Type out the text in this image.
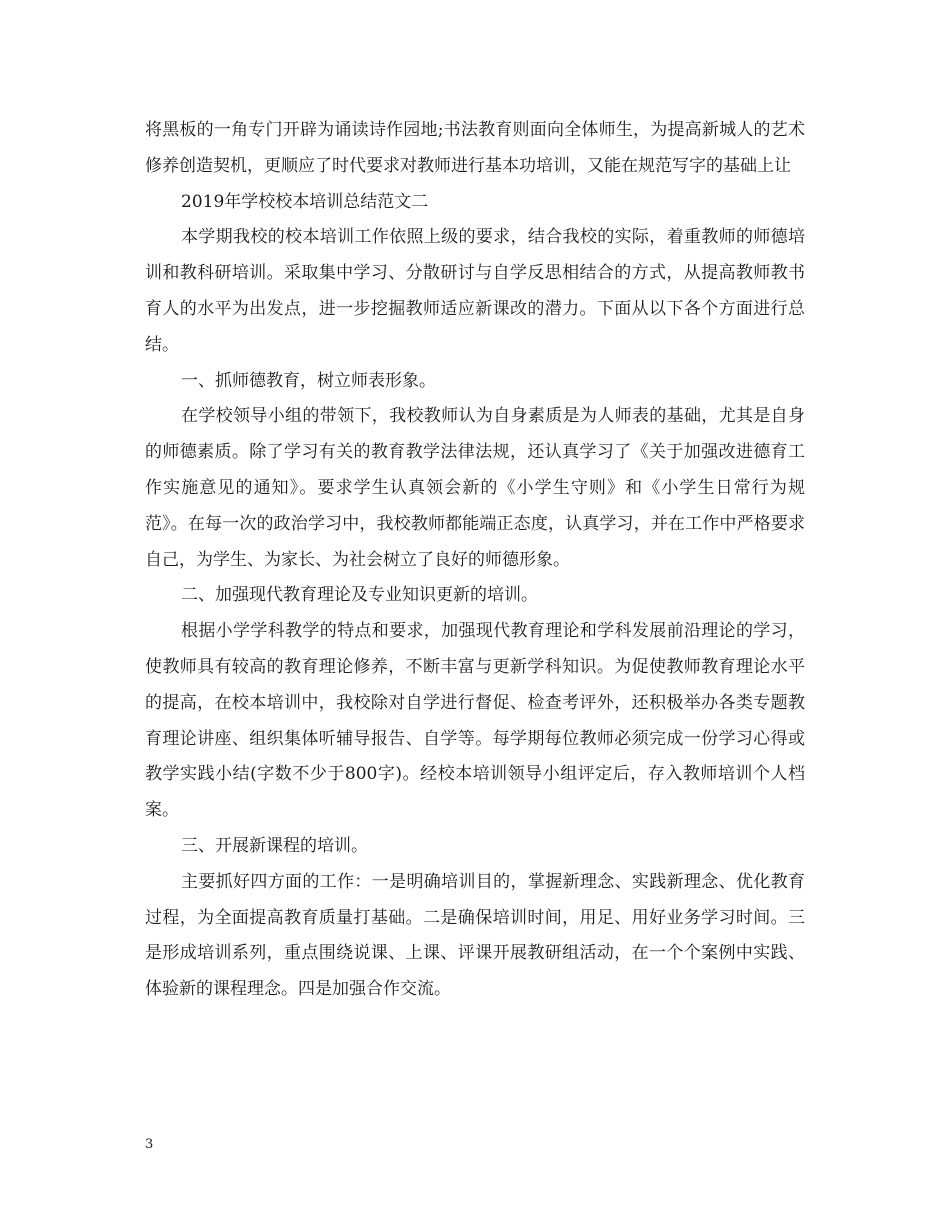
将黑板的一角专门开辟为诵读诗作园地;书法教育则面向全体师生，为提高新城人的艺术修养创造契机，更顺应了时代要求对教师进行基本功培训，又能在规范写字的基础上让

2019年学校校本培训总结范文二

本学期我校的校本培训工作依照上级的要求，结合我校的实际，着重教师的师德培训和教科研培训。采取集中学习、分散研讨与自学反思相结合的方式，从提高教师教书育人的水平为出发点，进一步挖掘教师适应新课改的潜力。下面从以下各个方面进行总结。

一、抓师德教育，树立师表形象。

在学校领导小组的带领下，我校教师认为自身素质是为人师表的基础，尤其是自身的师德素质。除了学习有关的教育教学法律法规，还认真学习了《关于加强改进德育工作实施意见的通知》。要求学生认真领会新的《小学生守则》和《小学生日常行为规范》。在每一次的政治学习中，我校教师都能端正态度，认真学习，并在工作中严格要求自己，为学生、为家长、为社会树立了良好的师德形象。

二、加强现代教育理论及专业知识更新的培训。

根据小学学科教学的特点和要求，加强现代教育理论和学科发展前沿理论的学习，使教师具有较高的教育理论修养，不断丰富与更新学科知识。为促使教师教育理论水平的提高，在校本培训中，我校除对自学进行督促、检查考评外，还积极举办各类专题教育理论讲座、组织集体听辅导报告、自学等。每学期每位教师必须完成一份学习心得或教学实践小结(字数不少于800字)。经校本培训领导小组评定后，存入教师培训个人档案。

三、开展新课程的培训。

主要抓好四方面的工作：一是明确培训目的，掌握新理念、实践新理念、优化教育过程，为全面提高教育质量打基础。二是确保培训时间，用足、用好业务学习时间。三是形成培训系列，重点围绕说课、上课、评课开展教研组活动，在一个个案例中实践、体验新的课程理念。四是加强合作交流。

3
